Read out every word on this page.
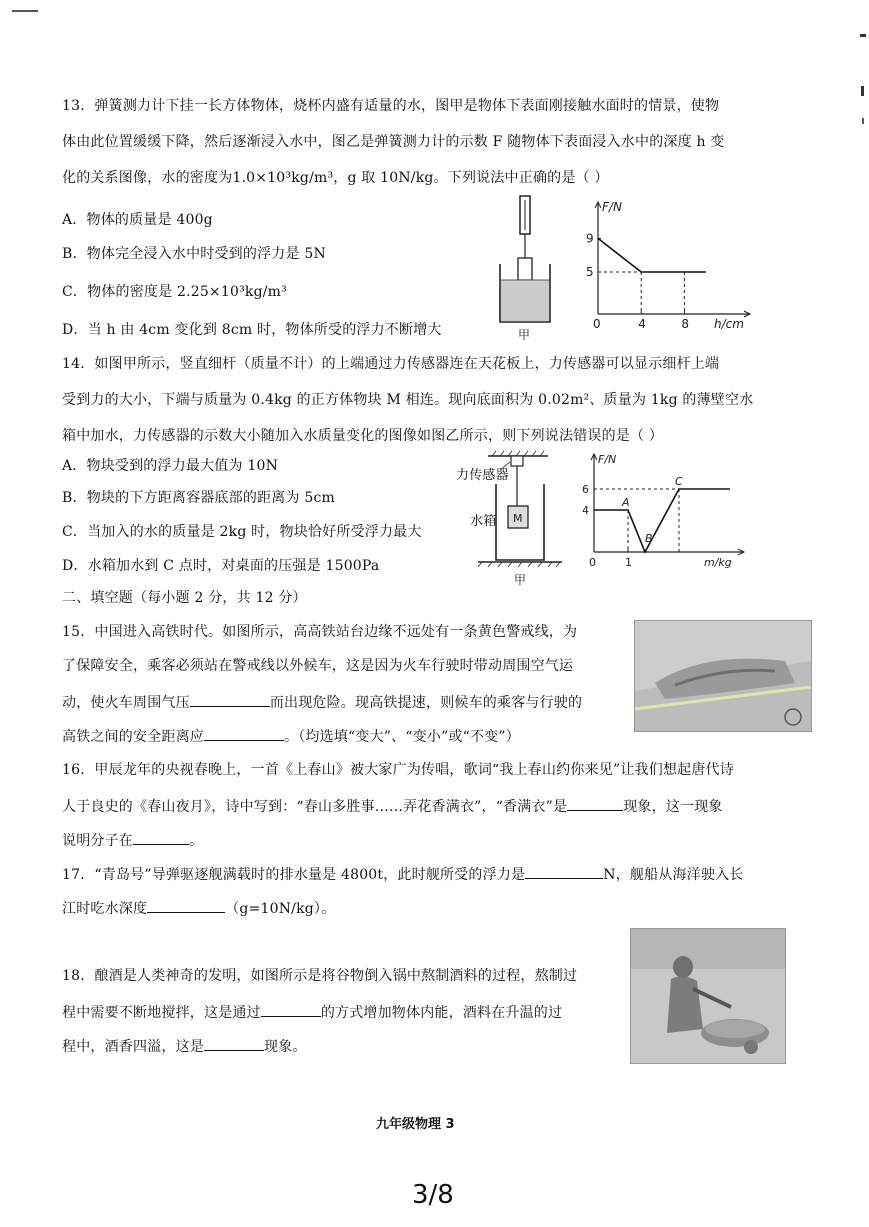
13．弹簧测力计下挂一长方体物体，烧杯内盛有适量的水，图甲是物体下表面刚接触水面时的情景，使物
体由此位置缓缓下降，然后逐渐浸入水中，图乙是弹簧测力计的示数 F 随物体下表面浸入水中的深度 h 变
化的关系图像，水的密度为1.0×10³kg/m³，g 取 10N/kg。下列说法中正确的是（ ）
A．物体的质量是 400g
B．物体完全浸入水中时受到的浮力是 5N
C．物体的密度是 2.25×10³kg/m³
D．当 h 由 4cm 变化到 8cm 时，物体所受的浮力不断增大	甲
F/N
h/cm
0	4	8
5
9
14．如图甲所示，竖直细杆（质量不计）的上端通过力传感器连在天花板上，力传感器可以显示细杆上端
受到力的大小，下端与质量为 0.4kg 的正方体物块 M 相连。现向底面积为 0.02m²、质量为 1kg 的薄壁空水
箱中加水，力传感器的示数大小随加入水质量变化的图像如图乙所示，则下列说法错误的是（ ）
A．物块受到的浮力最大值为 10N
B．物块的下方距离容器底部的距离为 5cm
C．当加入的水的质量是 2kg 时，物块恰好所受浮力最大
D．水箱加水到 C 点时，对桌面的压强是 1500Pa
M
甲
力传感器
水箱
F/N
m/kg
0	1
4
6
A
B
C
二、填空题（每小题 2 分，共 12 分）
15．中国进入高铁时代。如图所示，高高铁站台边缘不远处有一条黄色警戒线，为
了保障安全，乘客必须站在警戒线以外候车，这是因为火车行驶时带动周围空气运
动，使火车周围气压	而出现危险。现高铁提速，则候车的乘客与行驶的
高铁之间的安全距离应	。（均选填“变大”、“变小”或“不变”）
16．甲辰龙年的央视春晚上，一首《上春山》被大家广为传唱，歌词“我上春山约你来见”让我们想起唐代诗
人于良史的《春山夜月》，诗中写到：“春山多胜事……弄花香满衣”，“香满衣”是	现象，这一现象
说明分子在	。
17．“青岛号”导弹驱逐舰满载时的排水量是 4800t，此时舰所受的浮力是	N，舰船从海洋驶入长
江时吃水深度	（g=10N/kg）。
18．酿酒是人类神奇的发明，如图所示是将谷物倒入锅中熬制酒料的过程，熬制过
程中需要不断地搅拌，这是通过	的方式增加物体内能，酒料在升温的过
程中，酒香四溢，这是	现象。
九年级物理 3
3/8
